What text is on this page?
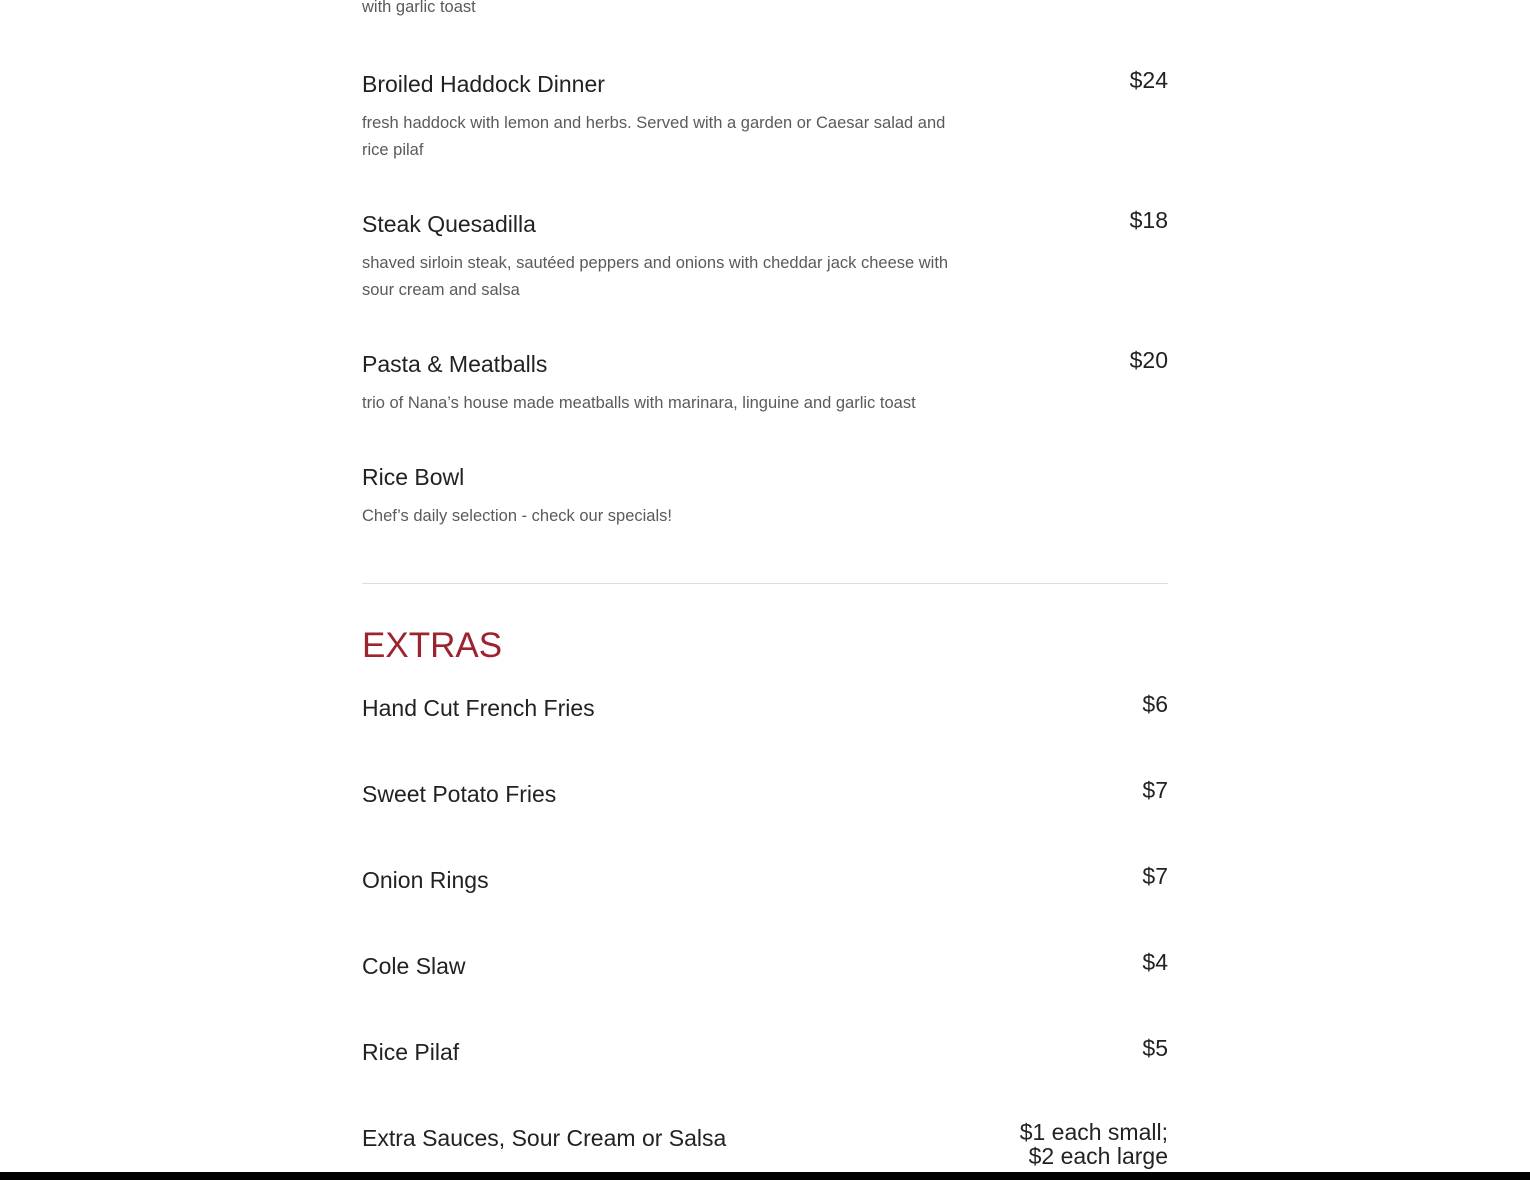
with garlic toast
Broiled Haddock Dinner	$24
fresh haddock with lemon and herbs. Served with a garden or Caesar salad and rice pilaf
Steak Quesadilla	$18
shaved sirloin steak, sautéed peppers and onions with cheddar jack cheese with sour cream and salsa
Pasta & Meatballs	$20
trio of Nana’s house made meatballs with marinara, linguine and garlic toast
Rice Bowl
Chef’s daily selection - check our specials!
EXTRAS
Hand Cut French Fries	$6
Sweet Potato Fries	$7
Onion Rings	$7
Cole Slaw	$4
Rice Pilaf	$5
Extra Sauces, Sour Cream or Salsa	$1 each small; $2 each large
